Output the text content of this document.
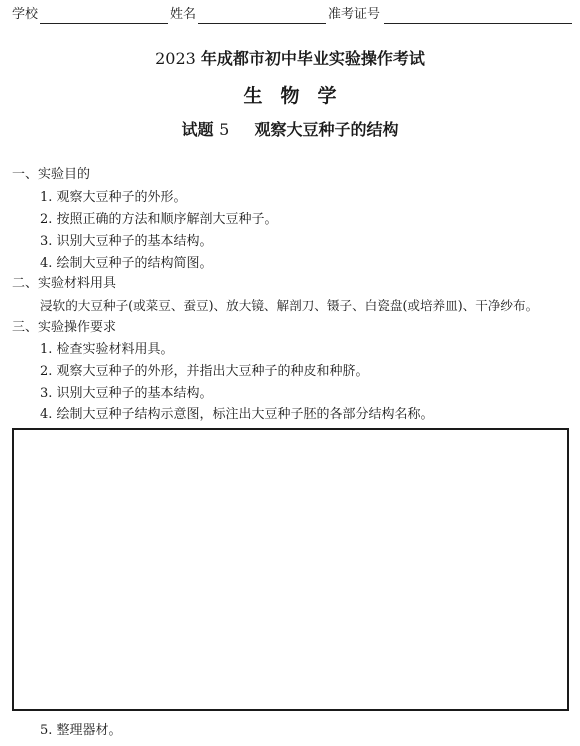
学校	姓名	准考证号
2023 年成都市初中毕业实验操作考试
生物学
试题 5 观察大豆种子的结构
一、实验目的
1. 观察大豆种子的外形。
2. 按照正确的方法和顺序解剖大豆种子。
3. 识别大豆种子的基本结构。
4. 绘制大豆种子的结构简图。
二、实验材料用具
浸软的大豆种子(或菜豆、蚕豆)、放大镜、解剖刀、镊子、白瓷盘(或培养皿)、干净纱布。
三、实验操作要求
1. 检查实验材料用具。
2. 观察大豆种子的外形，并指出大豆种子的种皮和种脐。
3. 识别大豆种子的基本结构。
4. 绘制大豆种子结构示意图，标注出大豆种子胚的各部分结构名称。
5. 整理器材。
